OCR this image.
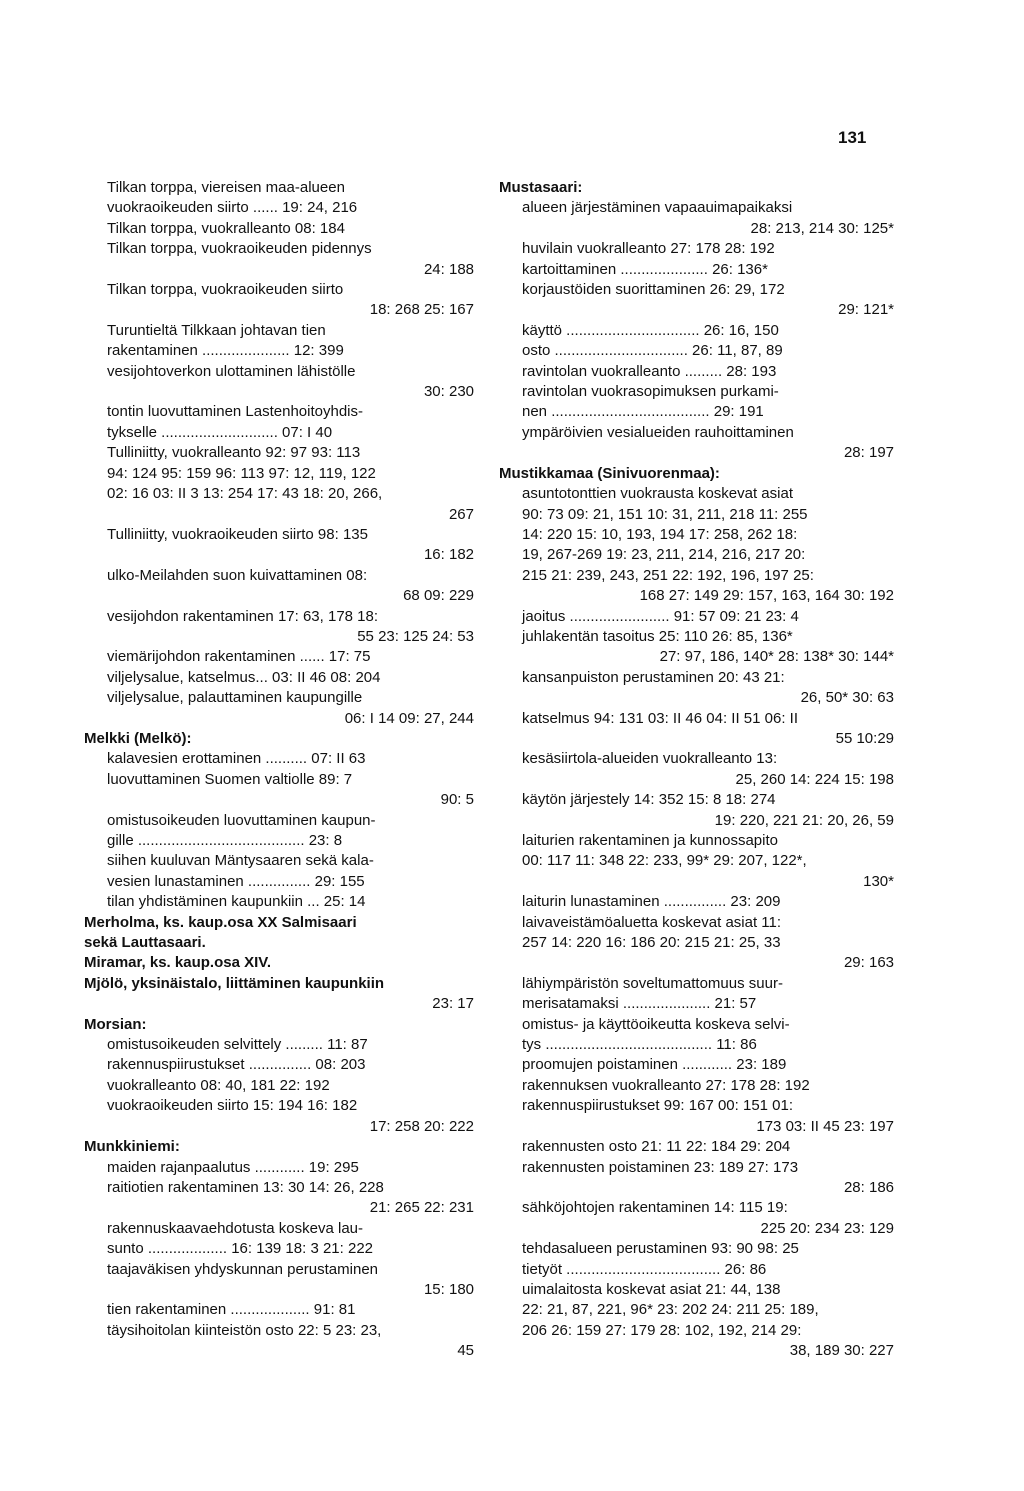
131
Tilkan torppa, viereisen maa-alueen
vuokraoikeuden siirto ...... 19: 24, 216
Tilkan torppa, vuokralleanto 08: 184
Tilkan torppa, vuokraoikeuden pidennys
24: 188
Tilkan torppa, vuokraoikeuden siirto
18: 268 25: 167
Turuntieltä Tilkkaan johtavan tien
rakentaminen ..................... 12: 399
vesijohtoverkon ulottaminen lähistölle
30: 230
tontin luovuttaminen Lastenhoitoyhdis-
tykselle ............................ 07: I 40
Tulliniitty, vuokralleanto 92: 97 93: 113
94: 124 95: 159 96: 113 97: 12, 119, 122
02: 16 03: II 3 13: 254 17: 43 18: 20, 266,
267
Tulliniitty, vuokraoikeuden siirto 98: 135
16: 182
ulko-Meilahden suon kuivattaminen 08:
68 09: 229
vesijohdon rakentaminen 17: 63, 178 18:
55 23: 125 24: 53
viemärijohdon rakentaminen ...... 17: 75
viljelysalue, katselmus... 03: II 46 08: 204
viljelysalue, palauttaminen kaupungille
06: I 14 09: 27, 244
Melkki (Melkö):
kalavesien erottaminen .......... 07: II 63
luovuttaminen Suomen valtiolle 89: 7
90: 5
omistusoikeuden luovuttaminen kaupun-
gille ........................................ 23: 8
siihen kuuluvan Mäntysaaren sekä kala-
vesien lunastaminen ............... 29: 155
tilan yhdistäminen kaupunkiin ... 25: 14
Merholma, ks. kaup.osa XX Salmisaari
sekä Lauttasaari.
Miramar, ks. kaup.osa XIV.
Mjölö, yksinäistalo, liittäminen kaupunkiin
23: 17
Morsian:
omistusoikeuden selvittely ......... 11: 87
rakennuspiirustukset ............... 08: 203
vuokralleanto 08: 40, 181 22: 192
vuokraoikeuden siirto 15: 194 16: 182
17: 258 20: 222
Munkkiniemi:
maiden rajanpaalutus ............ 19: 295
raitiotien rakentaminen 13: 30 14: 26, 228
21: 265 22: 231
rakennuskaavaehdotusta koskeva lau-
sunto ................... 16: 139 18: 3 21: 222
taajaväkisen yhdyskunnan perustaminen
15: 180
tien rakentaminen ................... 91: 81
täysihoitolan kiinteistön osto 22: 5 23: 23,
45
Mustasaari:
alueen järjestäminen vapaauimapaikaksi
28: 213, 214 30: 125*
huvilain vuokralleanto 27: 178 28: 192
kartoittaminen ..................... 26: 136*
korjaustöiden suorittaminen 26: 29, 172
29: 121*
käyttö ................................ 26: 16, 150
osto ................................ 26: 11, 87, 89
ravintolan vuokralleanto ......... 28: 193
ravintolan vuokrasopimuksen purkami-
nen ...................................... 29: 191
ympäröivien vesialueiden rauhoittaminen
28: 197
Mustikkamaa (Sinivuorenmaa):
asuntotonttien vuokrausta koskevat asiat
90: 73 09: 21, 151 10: 31, 211, 218 11: 255
14: 220 15: 10, 193, 194 17: 258, 262 18:
19, 267-269 19: 23, 211, 214, 216, 217 20:
215 21: 239, 243, 251 22: 192, 196, 197 25:
168 27: 149 29: 157, 163, 164 30: 192
jaoitus ........................ 91: 57 09: 21 23: 4
juhlakentän tasoitus 25: 110 26: 85, 136*
27: 97, 186, 140* 28: 138* 30: 144*
kansanpuiston perustaminen 20: 43 21:
26, 50* 30: 63
katselmus 94: 131 03: II 46 04: II 51 06: II
55 10:29
kesäsiirtola-alueiden vuokralleanto 13:
25, 260 14: 224 15: 198
käytön järjestely 14: 352 15: 8 18: 274
19: 220, 221 21: 20, 26, 59
laiturien rakentaminen ja kunnossapito
00: 117 11: 348 22: 233, 99* 29: 207, 122*,
130*
laiturin lunastaminen ............... 23: 209
laivaveistämöaluetta koskevat asiat 11:
257 14: 220 16: 186 20: 215 21: 25, 33
29: 163
lähiympäristön soveltumattomuus suur-
merisatamaksi ..................... 21: 57
omistus- ja käyttöoikeutta koskeva selvi-
tys ........................................ 11: 86
proomujen poistaminen ............ 23: 189
rakennuksen vuokralleanto 27: 178 28: 192
rakennuspiirustukset 99: 167 00: 151 01:
173 03: II 45 23: 197
rakennusten osto 21: 11 22: 184 29: 204
rakennusten poistaminen 23: 189 27: 173
28: 186
sähköjohtojen rakentaminen 14: 115 19:
225 20: 234 23: 129
tehdasalueen perustaminen 93: 90 98: 25
tietyöt ..................................... 26: 86
uimalaitosta koskevat asiat 21: 44, 138
22: 21, 87, 221, 96* 23: 202 24: 211 25: 189,
206 26: 159 27: 179 28: 102, 192, 214 29:
38, 189 30: 227
